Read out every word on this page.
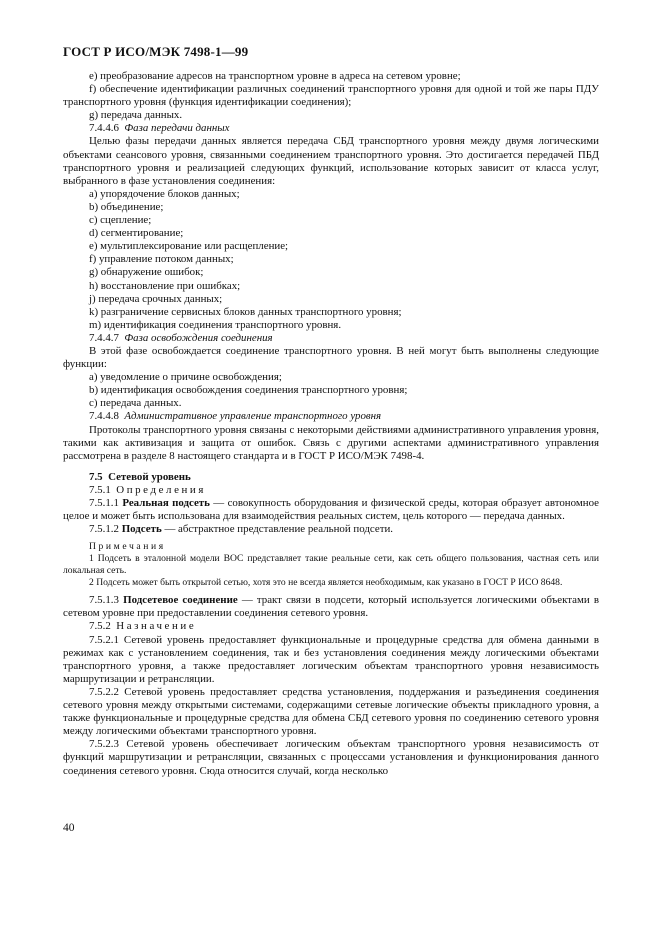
ГОСТ Р ИСО/МЭК 7498-1—99

e) преобразование адресов на транспортном уровне в адреса на сетевом уровне;

f) обеспечение идентификации различных соединений транспортного уровня для одной и той же пары ПДУ транспортного уровня (функция идентификации соединения);

g) передача данных.

7.4.4.6 Фаза передачи данных

Целью фазы передачи данных является передача СБД транспортного уровня между двумя логическими объектами сеансового уровня, связанными соединением транспортного уровня. Это достигается передачей ПБД транспортного уровня и реализацией следующих функций, использование которых зависит от класса услуг, выбранного в фазе установления соединения:

a) упорядочение блоков данных;

b) объединение;

c) сцепление;

d) сегментирование;

e) мультиплексирование или расщепление;

f) управление потоком данных;

g) обнаружение ошибок;

h) восстановление при ошибках;

j) передача срочных данных;

k) разграничение сервисных блоков данных транспортного уровня;

m) идентификация соединения транспортного уровня.

7.4.4.7 Фаза освобождения соединения

В этой фазе освобождается соединение транспортного уровня. В ней могут быть выполнены следующие функции:

a) уведомление о причине освобождения;

b) идентификация освобождения соединения транспортного уровня;

c) передача данных.

7.4.4.8 Административное управление транспортного уровня

Протоколы транспортного уровня связаны с некоторыми действиями административного управления уровня, такими как активизация и защита от ошибок. Связь с другими аспектами административного управления рассмотрена в разделе 8 настоящего стандарта и в ГОСТ Р ИСО/МЭК 7498-4.

7.5 Сетевой уровень

7.5.1 Определения

7.5.1.1 Реальная подсеть — совокупность оборудования и физической среды, которая образует автономное целое и может быть использована для взаимодействия реальных систем, цель которого — передача данных.

7.5.1.2 Подсеть — абстрактное представление реальной подсети.

Примечания

1 Подсеть в эталонной модели ВОС представляет такие реальные сети, как сеть общего пользования, частная сеть или локальная сеть.

2 Подсеть может быть открытой сетью, хотя это не всегда является необходимым, как указано в ГОСТ Р ИСО 8648.

7.5.1.3 Подсетевое соединение — тракт связи в подсети, который используется логическими объектами в сетевом уровне при предоставлении соединения сетевого уровня.

7.5.2 Назначение

7.5.2.1 Сетевой уровень предоставляет функциональные и процедурные средства для обмена данными в режимах как с установлением соединения, так и без установления соединения между логическими объектами транспортного уровня, а также предоставляет логическим объектам транспортного уровня независимость маршрутизации и ретрансляции.

7.5.2.2 Сетевой уровень предоставляет средства установления, поддержания и разъединения соединения сетевого уровня между открытыми системами, содержащими сетевые логические объекты прикладного уровня, а также функциональные и процедурные средства для обмена СБД сетевого уровня по соединению сетевого уровня между логическими объектами транспортного уровня.

7.5.2.3 Сетевой уровень обеспечивает логическим объектам транспортного уровня независимость от функций маршрутизации и ретрансляции, связанных с процессами установления и функционирования данного соединения сетевого уровня. Сюда относится случай, когда несколько

40
